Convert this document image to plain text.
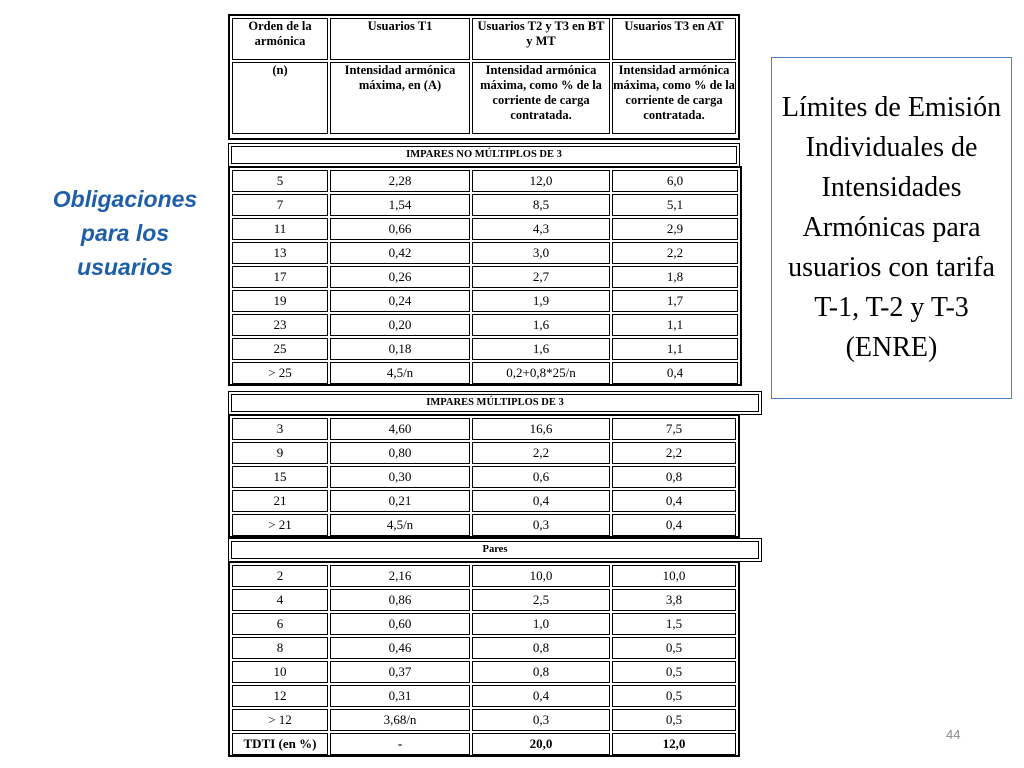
Obligaciones para los usuarios
Límites de Emisión Individuales de Intensidades Armónicas para usuarios con tarifa T-1, T-2 y T-3 (ENRE)
Orden de la armónica	Usuarios T1	Usuarios T2 y T3 en BT y MT	Usuarios T3 en AT
(n)	Intensidad armónica máxima, en (A)	Intensidad armónica máxima, como % de la corriente de carga contratada.	Intensidad armónica máxima, como % de la corriente de carga contratada.
IMPARES NO MÚLTIPLOS DE 3
5	2,28	12,0	6,0
7	1,54	8,5	5,1
11	0,66	4,3	2,9
13	0,42	3,0	2,2
17	0,26	2,7	1,8
19	0,24	1,9	1,7
23	0,20	1,6	1,1
25	0,18	1,6	1,1
> 25	4,5/n	0,2+0,8*25/n	0,4
IMPARES MÚLTIPLOS DE 3
3	4,60	16,6	7,5
9	0,80	2,2	2,2
15	0,30	0,6	0,8
21	0,21	0,4	0,4
> 21	4,5/n	0,3	0,4
Pares
2	2,16	10,0	10,0
4	0,86	2,5	3,8
6	0,60	1,0	1,5
8	0,46	0,8	0,5
10	0,37	0,8	0,5
12	0,31	0,4	0,5
> 12	3,68/n	0,3	0,5
TDTI (en %)	-	20,0	12,0
44
